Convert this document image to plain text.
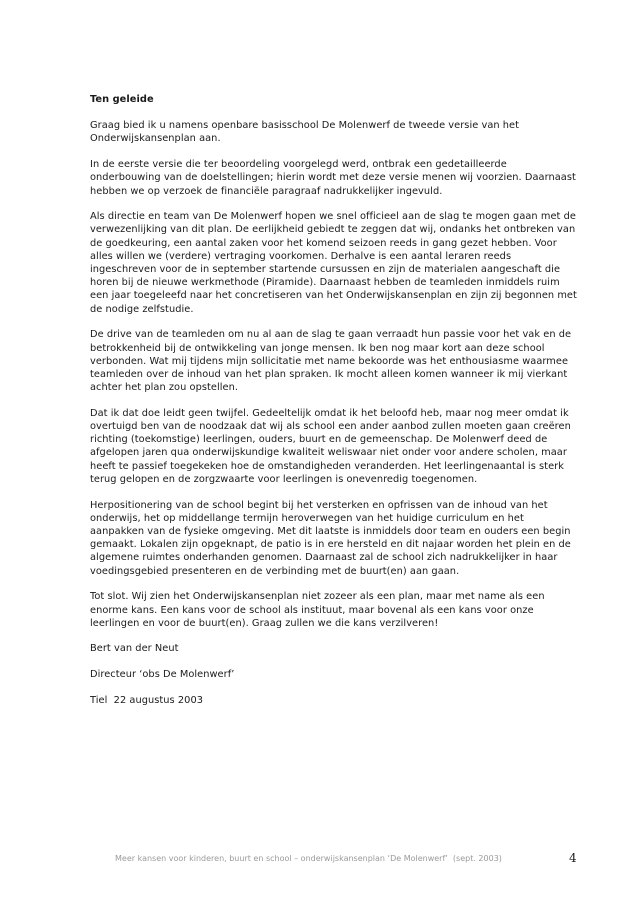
Ten geleide

Graag bied ik u namens openbare basisschool De Molenwerf de tweede versie van het Onderwijskansenplan aan.

In de eerste versie die ter beoordeling voorgelegd werd, ontbrak een gedetailleerde onderbouwing van de doelstellingen; hierin wordt met deze versie menen wij voorzien. Daarnaast hebben we op verzoek de financiële paragraaf nadrukkelijker ingevuld.

Als directie en team van De Molenwerf hopen we snel officieel aan de slag te mogen gaan met de verwezenlijking van dit plan. De eerlijkheid gebiedt te zeggen dat wij, ondanks het ontbreken van de goedkeuring, een aantal zaken voor het komend seizoen reeds in gang gezet hebben. Voor alles willen we (verdere) vertraging voorkomen. Derhalve is een aantal leraren reeds ingeschreven voor de in september startende cursussen en zijn de materialen aangeschaft die horen bij de nieuwe werkmethode (Piramide). Daarnaast hebben de teamleden inmiddels ruim een jaar toegeleefd naar het concretiseren van het Onderwijskansenplan en zijn zij begonnen met de nodige zelfstudie.

De drive van de teamleden om nu al aan de slag te gaan verraadt hun passie voor het vak en de betrokkenheid bij de ontwikkeling van jonge mensen. Ik ben nog maar kort aan deze school verbonden. Wat mij tijdens mijn sollicitatie met name bekoorde was het enthousiasme waarmee teamleden over de inhoud van het plan spraken. Ik mocht alleen komen wanneer ik mij vierkant achter het plan zou opstellen.

Dat ik dat doe leidt geen twijfel. Gedeeltelijk omdat ik het beloofd heb, maar nog meer omdat ik overtuigd ben van de noodzaak dat wij als school een ander aanbod zullen moeten gaan creëren richting (toekomstige) leerlingen, ouders, buurt en de gemeenschap. De Molenwerf deed de afgelopen jaren qua onderwijskundige kwaliteit weliswaar niet onder voor andere scholen, maar heeft te passief toegekeken hoe de omstandigheden veranderden. Het leerlingenaantal is sterk terug gelopen en de zorgzwaarte voor leerlingen is onevenredig toegenomen.

Herpositionering van de school begint bij het versterken en opfrissen van de inhoud van het onderwijs, het op middellange termijn heroverwegen van het huidige curriculum en het aanpakken van de fysieke omgeving. Met dit laatste is inmiddels door team en ouders een begin gemaakt. Lokalen zijn opgeknapt, de patio is in ere hersteld en dit najaar worden het plein en de algemene ruimtes onderhanden genomen. Daarnaast zal de school zich nadrukkelijker in haar voedingsgebied presenteren en de verbinding met de buurt(en) aan gaan.

Tot slot. Wij zien het Onderwijskansenplan niet zozeer als een plan, maar met name als een enorme kans. Een kans voor de school als instituut, maar bovenal als een kans voor onze leerlingen en voor de buurt(en). Graag zullen we die kans verzilveren!

Bert van der Neut

Directeur ‘obs De Molenwerf’

Tiel  22 augustus 2003

Meer kansen voor kinderen, buurt en school – onderwijskansenplan ‘De Molenwerf’  (sept. 2003)	4
